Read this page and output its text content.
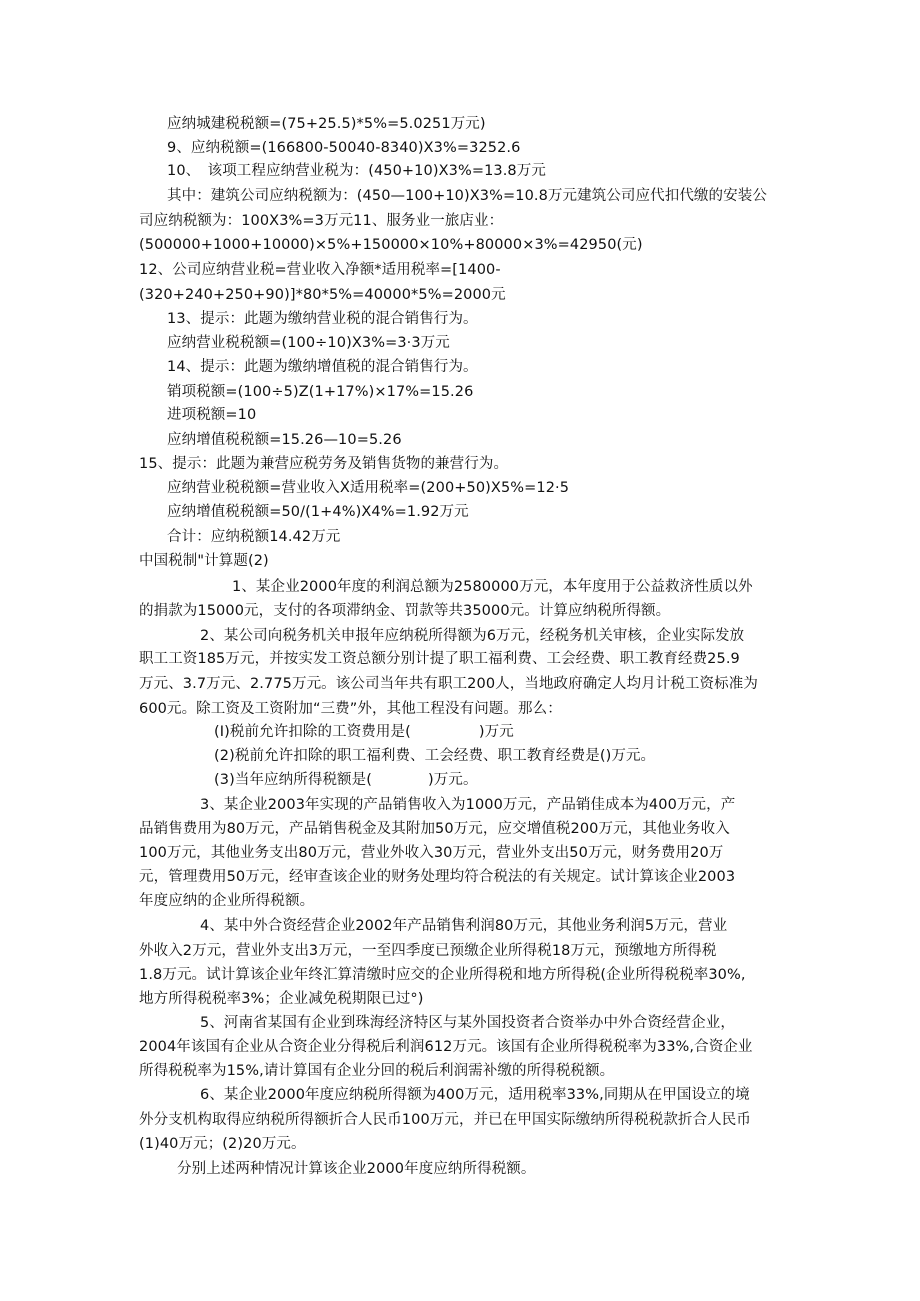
应纳城建税税额=(75+25.5)*5%=5.0251万元)
9、应纳税额=(166800-50040-8340)X3%=3252.6
10、　该项工程应纳营业税为：(450+10)X3%=13.8万元
其中：建筑公司应纳税额为：(450—100+10)X3%=10.8万元建筑公司应代扣代缴的安装公
司应纳税额为：100X3%=3万元11、服务业一旅店业：
(500000+1000+10000)×5%+150000×10%+80000×3%=42950(元)
12、公司应纳营业税=营业收入净额*适用税率=[1400-
(320+240+250+90)]*80*5%=40000*5%=2000元
13、提示：此题为缴纳营业税的混合销售行为。
应纳营业税税额=(100÷10)X3%=3·3万元
14、提示：此题为缴纳增值税的混合销售行为。
销项税额=(100÷5)Z(1+17%)×17%=15.26
进项税额=10
应纳增值税税额=15.26—10=5.26
15、提示：此题为兼营应税劳务及销售货物的兼营行为。
应纳营业税税额=营业收入X适用税率=(200+50)X5%=12·5
应纳增值税税额=50/(1+4%)X4%=1.92万元
合计：应纳税额14.42万元
中国税制"计算题(2)
1、某企业2000年度的利润总额为2580000万元，本年度用于公益救济性质以外
的捐款为15000元，支付的各项滞纳金、罚款等共35000元。计算应纳税所得额。
2、某公司向税务机关申报年应纳税所得额为6万元，经税务机关审核，企业实际发放
职工工资185万元，并按实发工资总额分别计提了职工福利费、工会经费、职工教育经费25.9
万元、3.7万元、2.775万元。该公司当年共有职工200人，当地政府确定人均月计税工资标准为
600元。除工资及工资附加“三费”外，其他工程没有问题。那么：
(I)税前允许扣除的工资费用是(	)万元
(2)税前允许扣除的职工福利费、工会经费、职工教育经费是()万元。
(3)当年应纳所得税额是(	)万元。
3、某企业2003年实现的产品销售收入为1000万元，产品销佳成本为400万元，产
品销售费用为80万元，产品销售税金及其附加50万元，应交增值税200万元，其他业务收入
100万元，其他业务支出80万元，营业外收入30万元，营业外支出50万元，财务费用20万
元，管理费用50万元，经审查该企业的财务处理均符合税法的有关规定。试计算该企业2003
年度应纳的企业所得税额。
4、某中外合资经营企业2002年产品销售利润80万元，其他业务利润5万元，营业
外收入2万元，营业外支出3万元，一至四季度已预缴企业所得税18万元，预缴地方所得税
1.8万元。试计算该企业年终汇算清缴时应交的企业所得税和地方所得税(企业所得税税率30%,
地方所得税税率3%；企业减免税期限已过°)
5、河南省某国有企业到珠海经济特区与某外国投资者合资举办中外合资经营企业，
2004年该国有企业从合资企业分得税后利润612万元。该国有企业所得税税率为33%,合资企业
所得税税率为15%,请计算国有企业分回的税后利润需补缴的所得税税额。
6、某企业2000年度应纳税所得额为400万元，适用税率33%,同期从在甲国设立的境
外分支机构取得应纳税所得额折合人民币100万元，并已在甲国实际缴纳所得税税款折合人民币
(1)40万元；(2)20万元。
分别上述两种情况计算该企业2000年度应纳所得税额。
